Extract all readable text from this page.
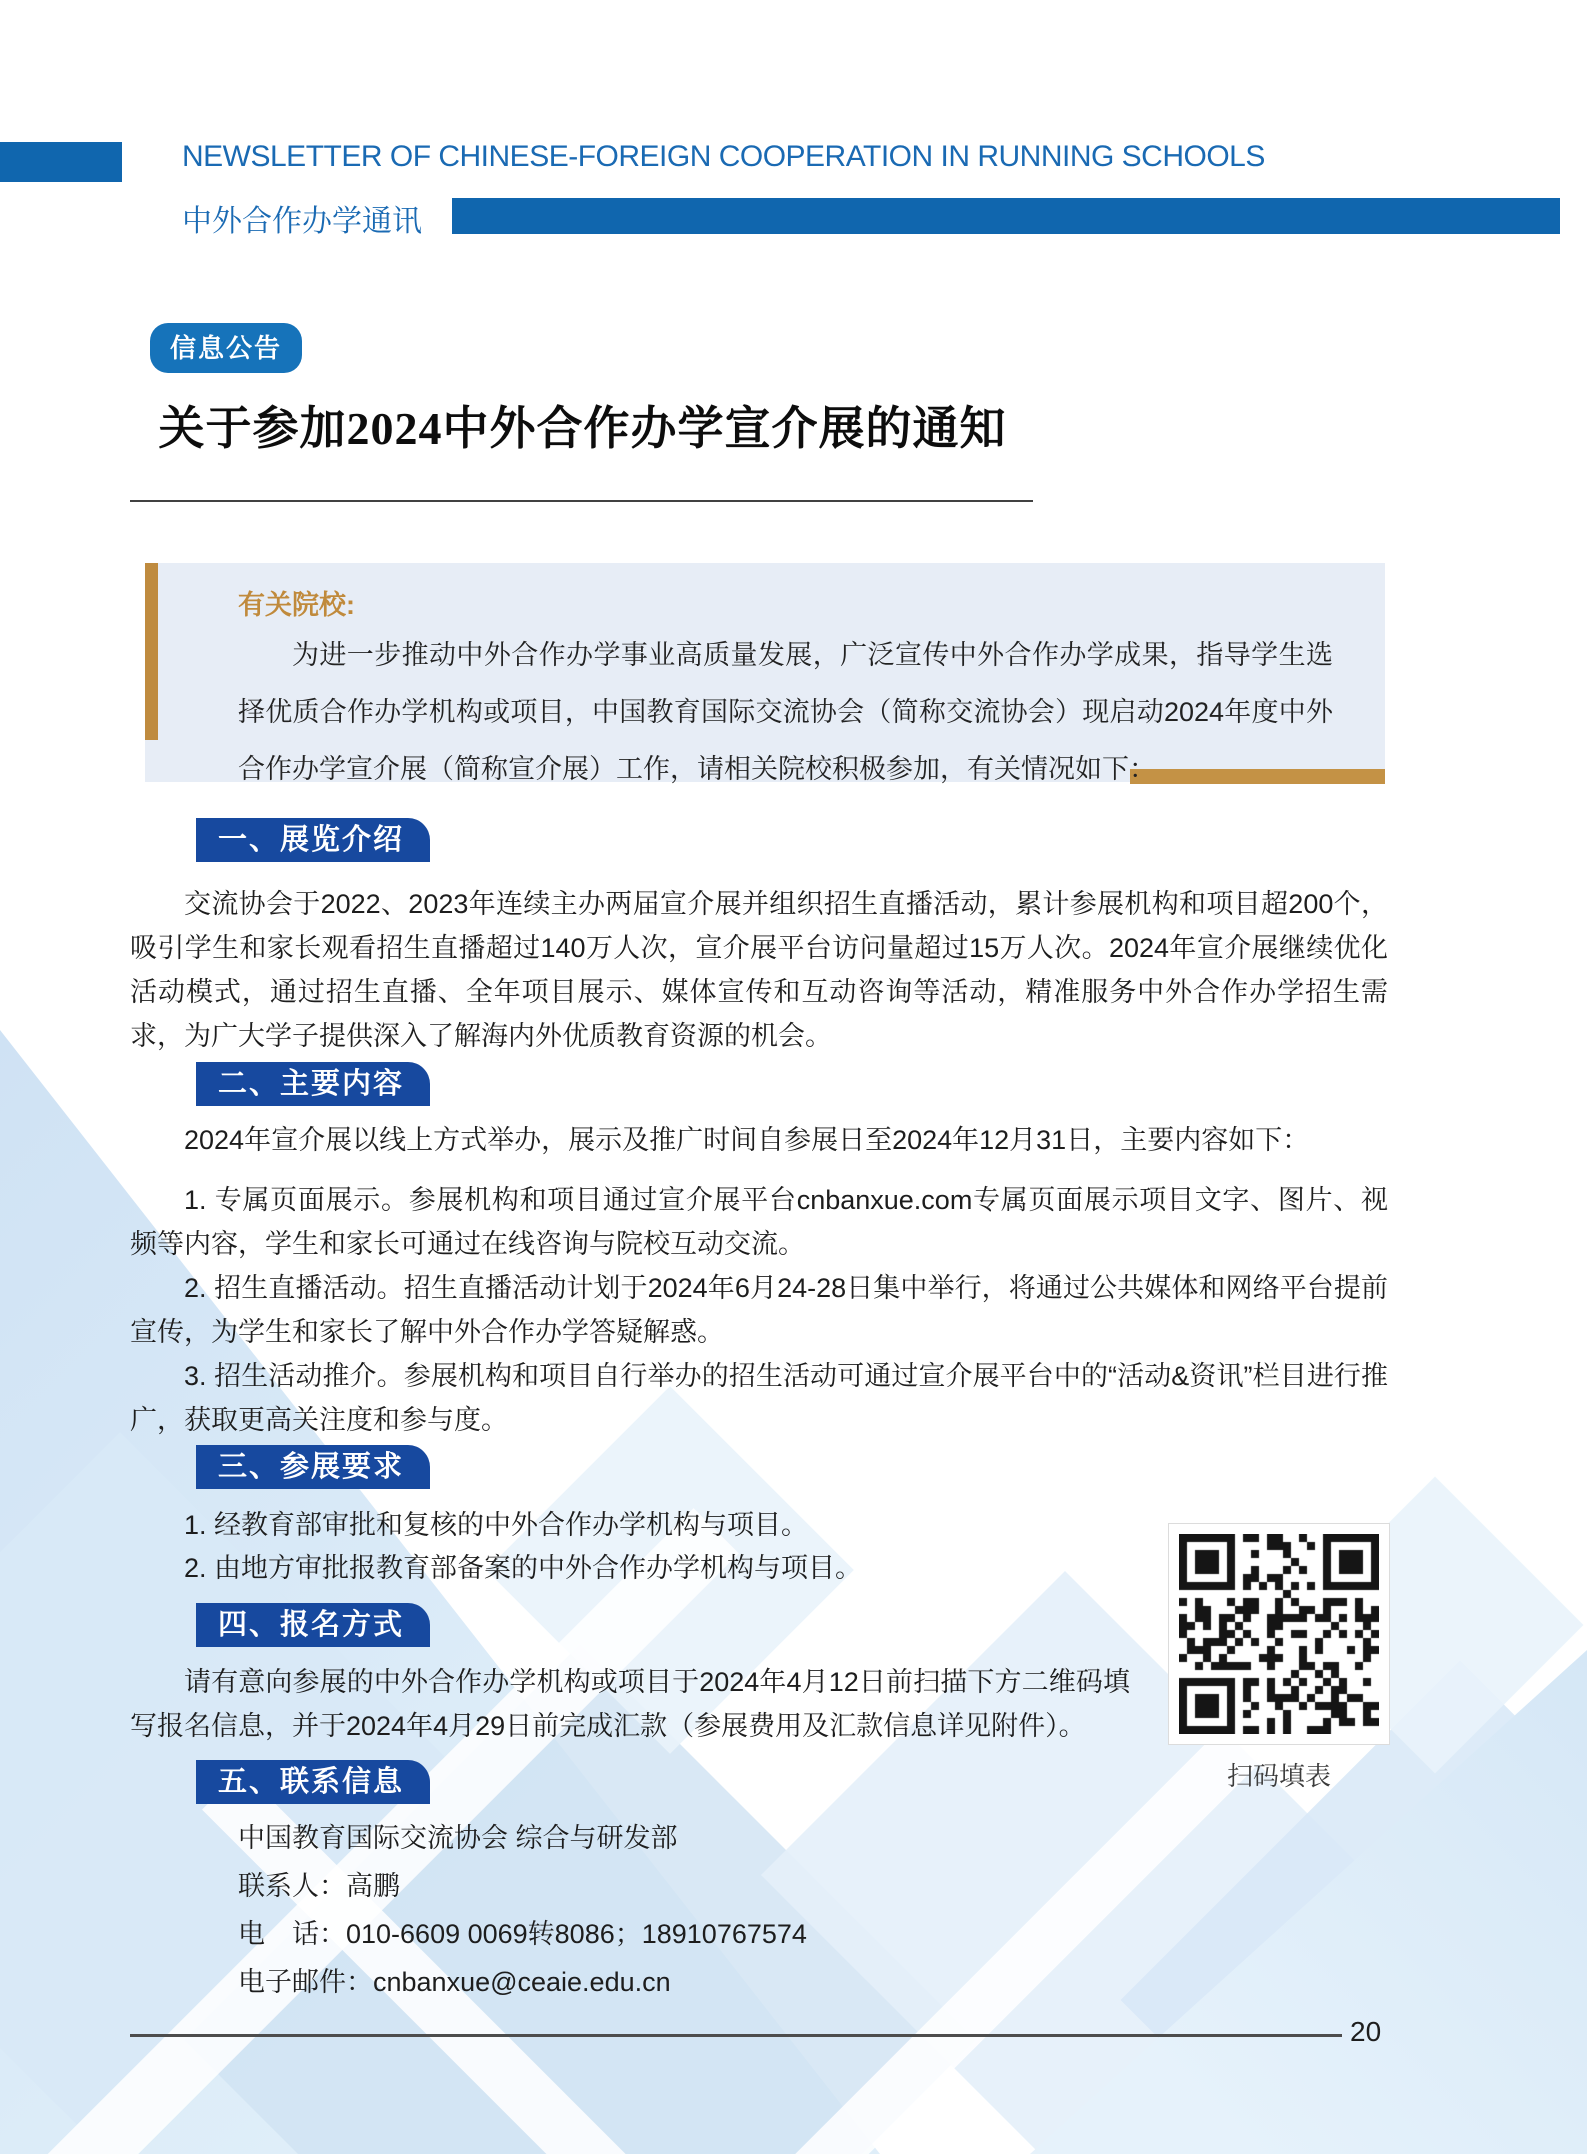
NEWSLETTER OF CHINESE-FOREIGN COOPERATION IN RUNNING SCHOOLS
中外合作办学通讯
信息公告
关于参加2024中外合作办学宣介展的通知
有关院校:
为进一步推动中外合作办学事业高质量发展，广泛宣传中外合作办学成果，指导学生选择优质合作办学机构或项目，中国教育国际交流协会（简称交流协会）现启动2024年度中外合作办学宣介展（简称宣介展）工作，请相关院校积极参加，有关情况如下：
一、展览介绍

交流协会于2022、2023年连续主办两届宣介展并组织招生直播活动，累计参展机构和项目超200个，吸引学生和家长观看招生直播超过140万人次，宣介展平台访问量超过15万人次。2024年宣介展继续优化活动模式，通过招生直播、全年项目展示、媒体宣传和互动咨询等活动，精准服务中外合作办学招生需求，为广大学子提供深入了解海内外优质教育资源的机会。

二、主要内容

2024年宣介展以线上方式举办，展示及推广时间自参展日至2024年12月31日，主要内容如下：

1. 专属页面展示。参展机构和项目通过宣介展平台cnbanxue.com专属页面展示项目文字、图片、视频等内容，学生和家长可通过在线咨询与院校互动交流。

2. 招生直播活动。招生直播活动计划于2024年6月24-28日集中举行，将通过公共媒体和网络平台提前宣传，为学生和家长了解中外合作办学答疑解惑。

3. 招生活动推介。参展机构和项目自行举办的招生活动可通过宣介展平台中的“活动&资讯”栏目进行推广，获取更高关注度和参与度。

三、参展要求

1. 经教育部审批和复核的中外合作办学机构与项目。

2. 由地方审批报教育部备案的中外合作办学机构与项目。

四、报名方式

请有意向参展的中外合作办学机构或项目于2024年4月12日前扫描下方二维码填写报名信息，并于2024年4月29日前完成汇款（参展费用及汇款信息详见附件）。

五、联系信息
中国教育国际交流协会 综合与研发部
联系人：高鹏
电　话：010-6609 0069转8086；18910767574
电子邮件：cnbanxue@ceaie.edu.cn
扫码填表
20
